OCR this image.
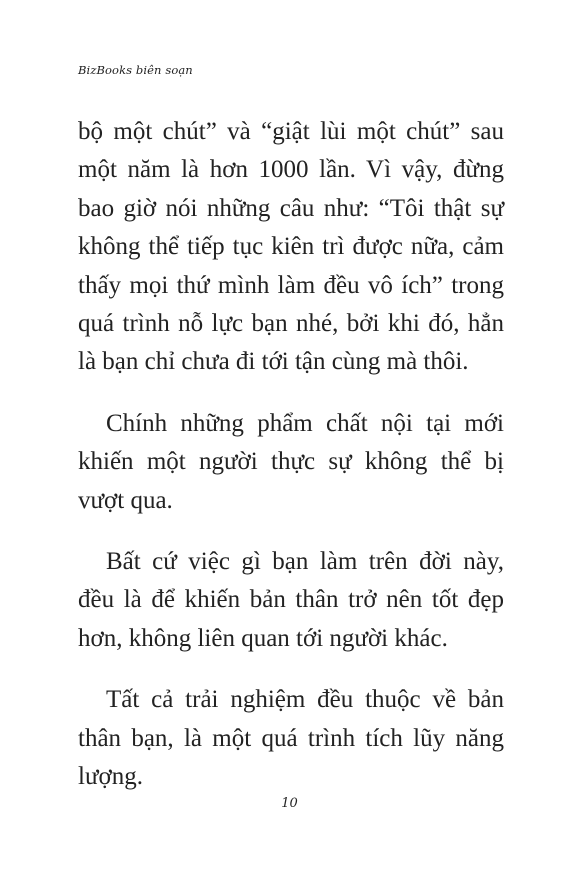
BizBooks biên soạn

bộ một chút” và “giật lùi một chút” sau một năm là hơn 1000 lần. Vì vậy, đừng bao giờ nói những câu như: “Tôi thật sự không thể tiếp tục kiên trì được nữa, cảm thấy mọi thứ mình làm đều vô ích” trong quá trình nỗ lực bạn nhé, bởi khi đó, hẳn là bạn chỉ chưa đi tới tận cùng mà thôi.

Chính những phẩm chất nội tại mới khiến một người thực sự không thể bị vượt qua.

Bất cứ việc gì bạn làm trên đời này, đều là để khiến bản thân trở nên tốt đẹp hơn, không liên quan tới người khác.

Tất cả trải nghiệm đều thuộc về bản thân bạn, là một quá trình tích lũy năng lượng.

10
